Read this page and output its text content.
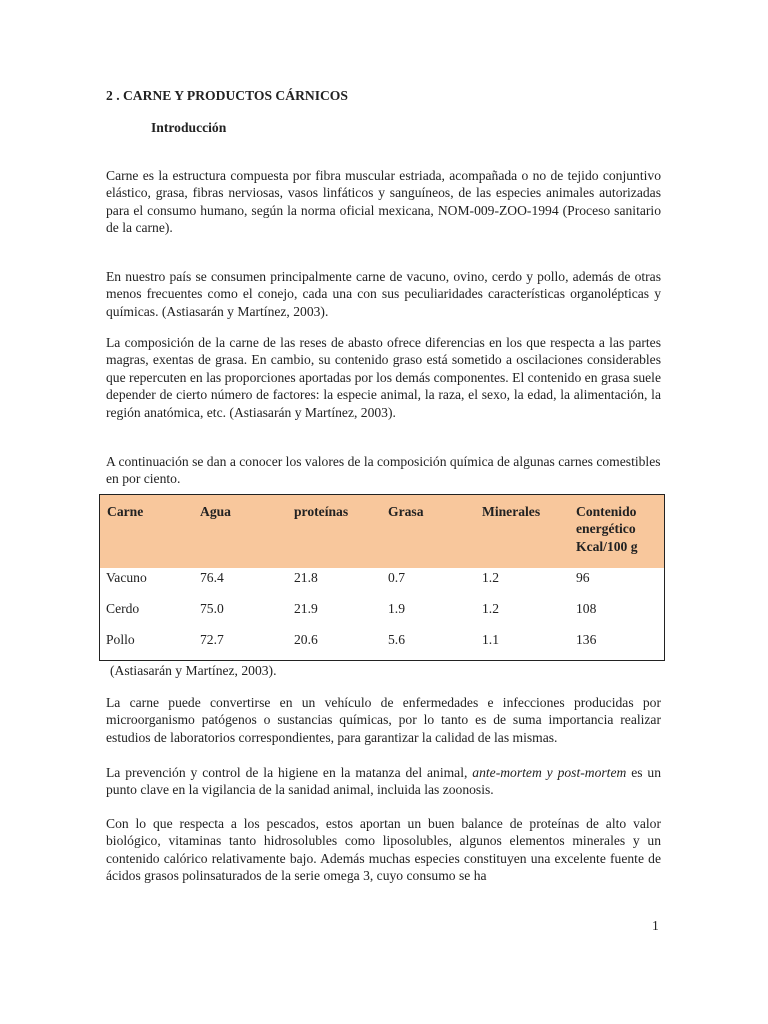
2 . CARNE Y PRODUCTOS CÁRNICOS
Introducción

Carne es la estructura compuesta por fibra muscular estriada, acompañada o no de tejido conjuntivo elástico, grasa, fibras nerviosas, vasos linfáticos y sanguíneos, de las especies animales autorizadas para el consumo humano, según la norma oficial mexicana, NOM-009-ZOO-1994 (Proceso sanitario de la carne).

En nuestro país se consumen principalmente carne de vacuno, ovino, cerdo y pollo, además de otras menos frecuentes como el conejo, cada una con sus peculiaridades características organolépticas y químicas. (Astiasarán y Martínez, 2003).

La composición de la carne de las reses de abasto ofrece diferencias en los que respecta a las partes magras, exentas de grasa. En cambio, su contenido graso está sometido a oscilaciones considerables que repercuten en las proporciones aportadas por los demás componentes. El contenido en grasa suele depender de cierto número de factores: la especie animal, la raza, el sexo, la edad, la alimentación, la región anatómica, etc. (Astiasarán y Martínez, 2003).

A continuación se dan a conocer los valores de la composición química de algunas carnes comestibles en por ciento.

Carne	Agua	proteínas	Grasa	Minerales	Contenido
energético
Kcal/100 g
Vacuno	76.4	21.8	0.7	1.2	96
Cerdo	75.0	21.9	1.9	1.2	108
Pollo	72.7	20.6	5.6	1.1	136

(Astiasarán y Martínez, 2003).

La carne puede convertirse en un vehículo de enfermedades e infecciones producidas por microorganismo patógenos o sustancias químicas, por lo tanto es de suma importancia realizar estudios de laboratorios correspondientes, para garantizar la calidad de las mismas.

La prevención y control de la higiene en la matanza del animal, ante-mortem y post-mortem es un punto clave en la vigilancia de la sanidad animal, incluida las zoonosis.

Con lo que respecta a los pescados, estos aportan un buen balance de proteínas de alto valor biológico, vitaminas tanto hidrosolubles como liposolubles, algunos elementos minerales y un contenido calórico relativamente bajo. Además muchas especies constituyen una excelente fuente de ácidos grasos polinsaturados de la serie omega 3, cuyo consumo se ha

1
